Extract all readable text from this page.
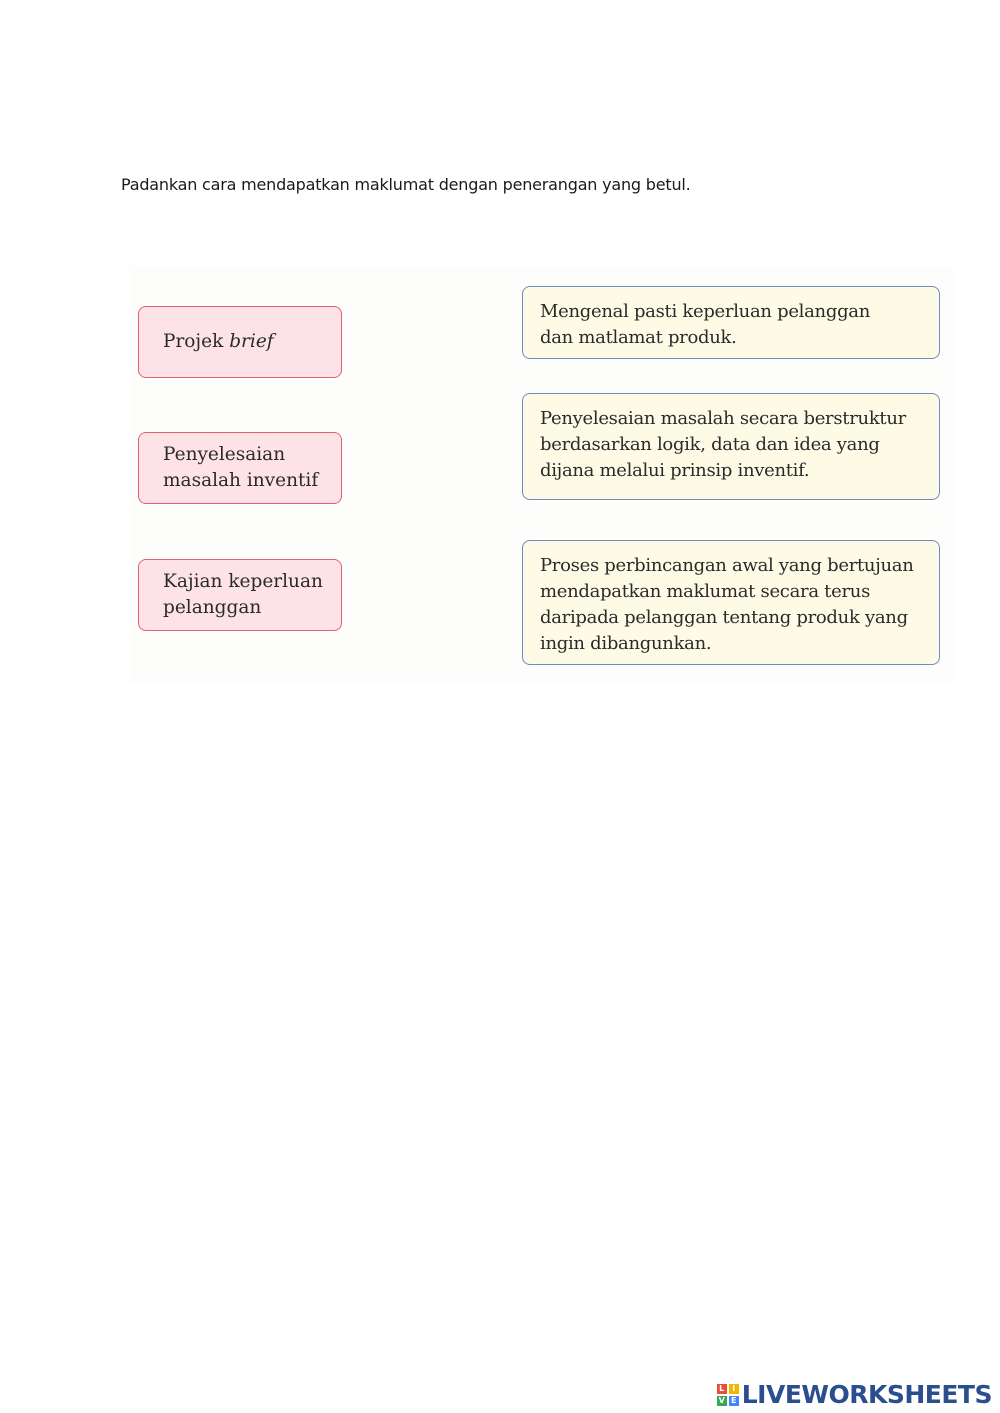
Padankan cara mendapatkan maklumat dengan penerangan yang betul.
Projek brief
Penyelesaian
masalah inventif
Kajian keperluan
pelanggan
Mengenal pasti keperluan pelanggan
dan matlamat produk.
Penyelesaian masalah secara berstruktur
berdasarkan logik, data dan idea yang
dijana melalui prinsip inventif.
Proses perbincangan awal yang bertujuan
mendapatkan maklumat secara terus
daripada pelanggan tentang produk yang
ingin dibangunkan.
L I
V E LIVEWORKSHEETS
